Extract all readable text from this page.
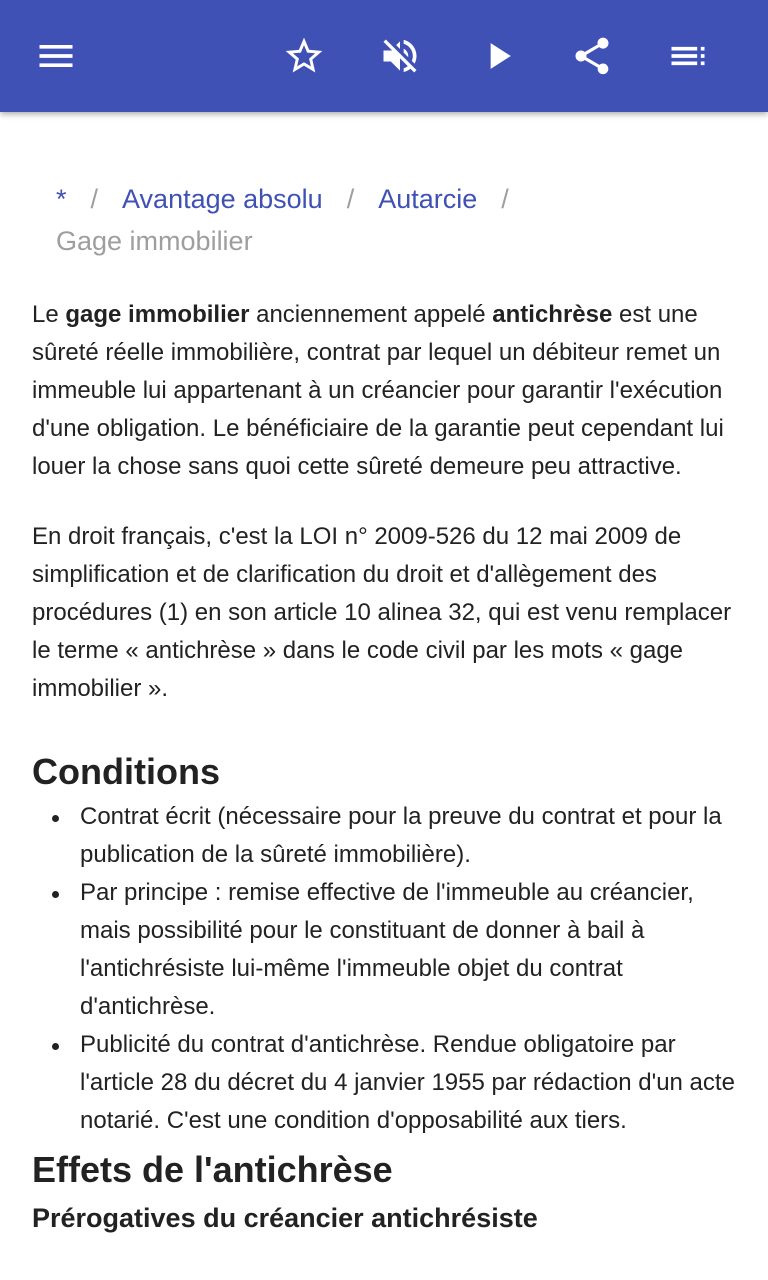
* / Avantage absolu / Autarcie /
Gage immobilier

Le gage immobilier anciennement appelé antichrèse est une sûreté réelle immobilière, contrat par lequel un débiteur remet un immeuble lui appartenant à un créancier pour garantir l'exécution d'une obligation. Le bénéficiaire de la garantie peut cependant lui louer la chose sans quoi cette sûreté demeure peu attractive.

En droit français, c'est la LOI n° 2009-526 du 12 mai 2009 de simplification et de clarification du droit et d'allègement des procédures (1) en son article 10 alinea 32, qui est venu remplacer le terme « antichrèse » dans le code civil par les mots « gage immobilier ».

Conditions
Contrat écrit (nécessaire pour la preuve du contrat et pour la publication de la sûreté immobilière).
Par principe : remise effective de l'immeuble au créancier, mais possibilité pour le constituant de donner à bail à l'antichrésiste lui-même l'immeuble objet du contrat d'antichrèse.
Publicité du contrat d'antichrèse. Rendue obligatoire par l'article 28 du décret du 4 janvier 1955 par rédaction d'un acte notarié. C'est une condition d'opposabilité aux tiers.
Effets de l'antichrèse
Prérogatives du créancier antichrésiste
